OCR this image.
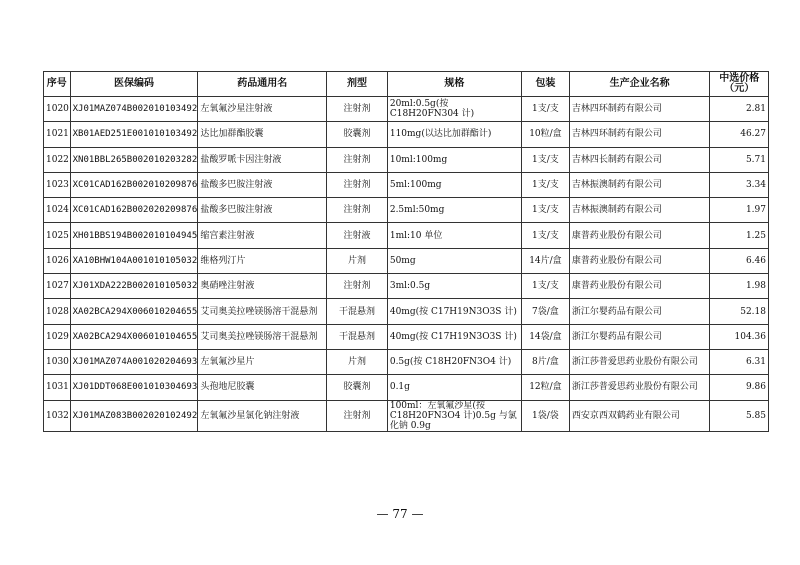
序号	医保编码	药品通用名	剂型	规格	包装	生产企业名称	中选价格（元）
1020	XJ01MAZ074B002010103492	左氧氟沙星注射液	注射剂	20ml:0.5g(按 C18H20FN304 计)	1支/支	吉林四环制药有限公司	2.81
1021	XB01AED251E001010103492	达比加群酯胶囊	胶囊剂	110mg(以达比加群酯计)	10粒/盒	吉林四环制药有限公司	46.27
1022	XN01BBL265B002010203282	盐酸罗哌卡因注射液	注射剂	10ml:100mg	1支/支	吉林四长制药有限公司	5.71
1023	XC01CAD162B002010209876	盐酸多巴胺注射液	注射剂	5ml:100mg	1支/支	吉林振澳制药有限公司	3.34
1024	XC01CAD162B002020209876	盐酸多巴胺注射液	注射剂	2.5ml:50mg	1支/支	吉林振澳制药有限公司	1.97
1025	XH01BBS194B002010104945	缩宫素注射液	注射液	1ml:10 单位	1支/支	康普药业股份有限公司	1.25
1026	XA10BHW104A001010105032	维格列汀片	片剂	50mg	14片/盒	康普药业股份有限公司	6.46
1027	XJ01XDA222B002010105032	奥硝唑注射液	注射剂	3ml:0.5g	1支/支	康普药业股份有限公司	1.98
1028	XA02BCA294X006010204655	艾司奥美拉唑镁肠溶干混悬剂	干混悬剂	40mg(按 C17H19N3O3S 计)	7袋/盒	浙江尔婴药品有限公司	52.18
1029	XA02BCA294X006010104655	艾司奥美拉唑镁肠溶干混悬剂	干混悬剂	40mg(按 C17H19N3O3S 计)	14袋/盒	浙江尔婴药品有限公司	104.36
1030	XJ01MAZ074A001020204693	左氧氟沙星片	片剂	0.5g(按 C18H20FN3O4 计)	8片/盒	浙江莎普爱思药业股份有限公司	6.31
1031	XJ01DDT068E001010304693	头孢地尼胶囊	胶囊剂	0.1g	12粒/盒	浙江莎普爱思药业股份有限公司	9.86
1032	XJ01MAZ083B002020102492	左氧氟沙星氯化钠注射液	注射剂	100ml：左氧氟沙星(按 C18H20FN3O4 计)0.5g 与氯化钠 0.9g	1袋/袋	西安京西双鹤药业有限公司	5.85
— 77 —
